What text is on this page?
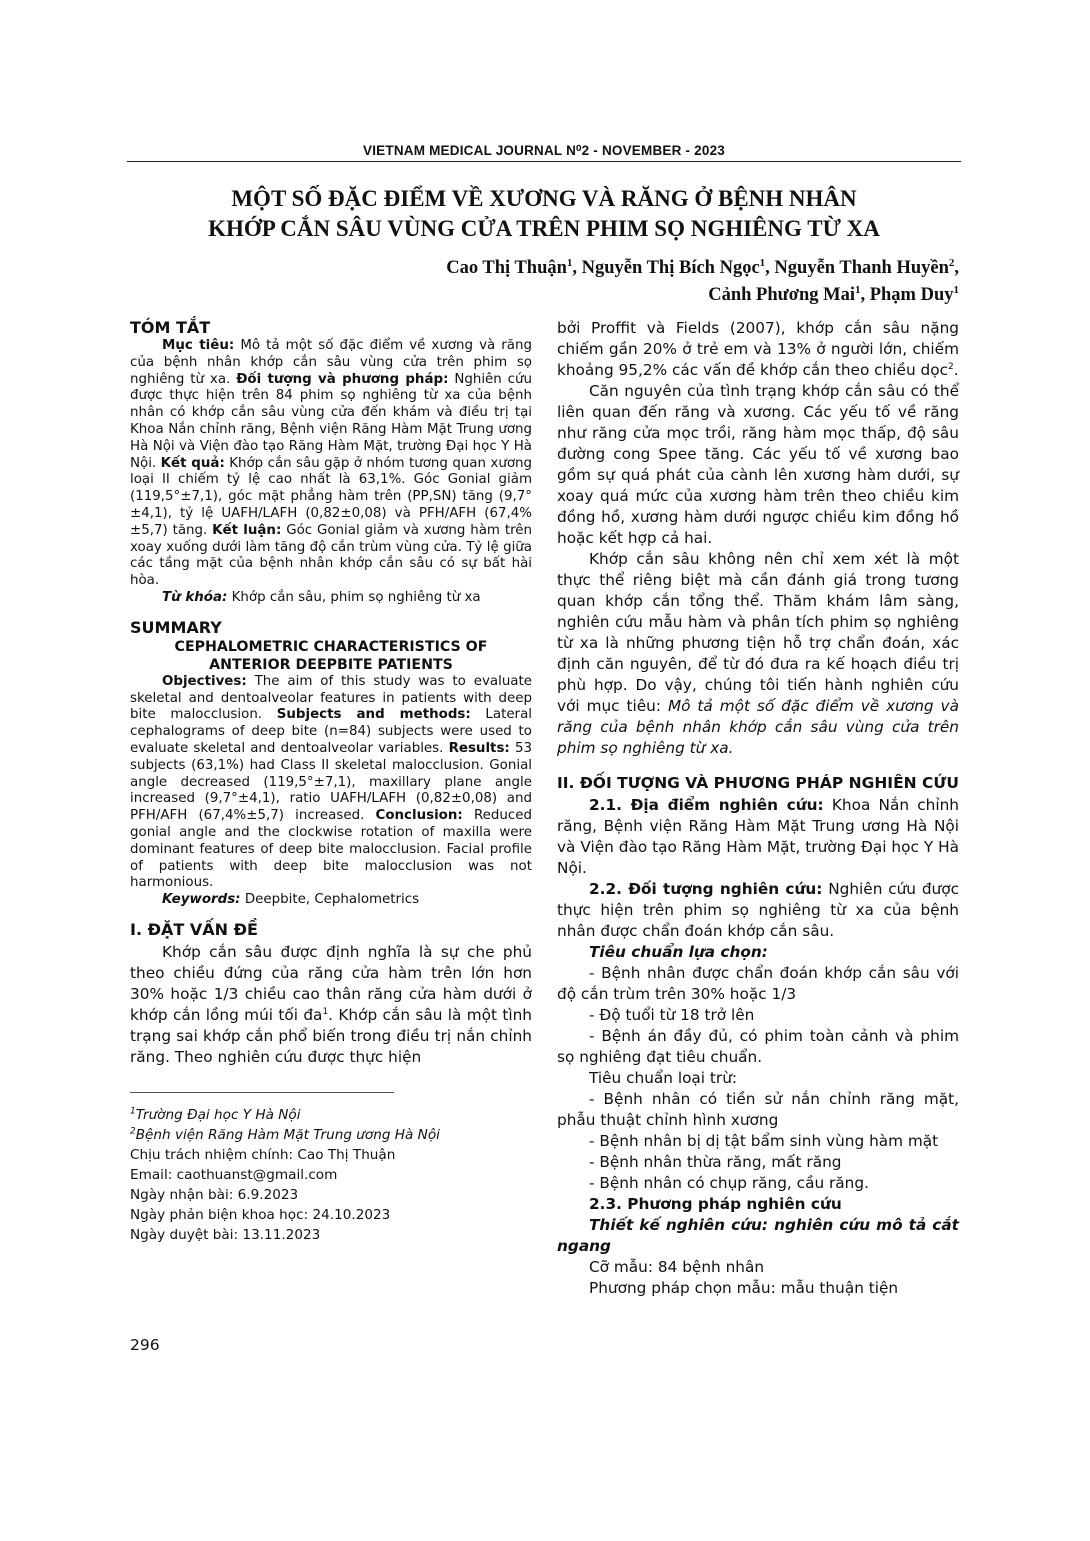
VIETNAM MEDICAL JOURNAL N⁰2 - NOVEMBER - 2023
MỘT SỐ ĐẶC ĐIỂM VỀ XƯƠNG VÀ RĂNG Ở BỆNH NHÂN
KHỚP CẮN SÂU VÙNG CỬA TRÊN PHIM SỌ NGHIÊNG TỪ XA
Cao Thị Thuận$^1$, Nguyễn Thị Bích Ngọc$^1$, Nguyễn Thanh Huyền$^2$,
Cảnh Phương Mai$^1$, Phạm Duy$^1$
TÓM TẮT

Mục tiêu: Mô tả một số đặc điểm về xương và răng của bệnh nhân khớp cắn sâu vùng cửa trên phim sọ nghiêng từ xa. Đối tượng và phương pháp: Nghiên cứu được thực hiện trên 84 phim sọ nghiêng từ xa của bệnh nhân có khớp cắn sâu vùng cửa đến khám và điều trị tại Khoa Nắn chỉnh răng, Bệnh viện Răng Hàm Mặt Trung ương Hà Nội và Viện đào tạo Răng Hàm Mặt, trường Đại học Y Hà Nội. Kết quả: Khớp cắn sâu gặp ở nhóm tương quan xương loại II chiếm tỷ lệ cao nhất là 63,1%. Góc Gonial giảm (119,5°±7,1), góc mặt phẳng hàm trên (PP,SN) tăng (9,7°±4,1), tỷ lệ UAFH/LAFH (0,82±0,08) và PFH/AFH (67,4%±5,7) tăng. Kết luận: Góc Gonial giảm và xương hàm trên xoay xuống dưới làm tăng độ cắn trùm vùng cửa. Tỷ lệ giữa các tầng mặt của bệnh nhân khớp cắn sâu có sự bất hài hòa.

Từ khóa: Khớp cắn sâu, phim sọ nghiêng từ xa

SUMMARY
CEPHALOMETRIC CHARACTERISTICS OF
ANTERIOR DEEPBITE PATIENTS

Objectives: The aim of this study was to evaluate skeletal and dentoalveolar features in patients with deep bite malocclusion. Subjects and methods: Lateral cephalograms of deep bite (n=84) subjects were used to evaluate skeletal and dentoalveolar variables. Results: 53 subjects (63,1%) had Class II skeletal malocclusion. Gonial angle decreased (119,5°±7,1), maxillary plane angle increased (9,7°±4,1), ratio UAFH/LAFH (0,82±0,08) and PFH/AFH (67,4%±5,7) increased. Conclusion: Reduced gonial angle and the clockwise rotation of maxilla were dominant features of deep bite malocclusion. Facial profile of patients with deep bite malocclusion was not harmonious.

Keywords: Deepbite, Cephalometrics

I. ĐẶT VẤN ĐỀ

Khớp cắn sâu được định nghĩa là sự che phủ theo chiều đứng của răng cửa hàm trên lớn hơn 30% hoặc 1/3 chiều cao thân răng cửa hàm dưới ở khớp cắn lồng múi tối $đa^1$. Khớp cắn sâu là một tình trạng sai khớp cắn phổ biến trong điều trị nắn chỉnh răng. Theo nghiên cứu được thực hiện

$^1$Trường Đại học Y Hà Nội

$^2$Bệnh viện Răng Hàm Mặt Trung ương Hà Nội

Chịu trách nhiệm chính: Cao Thị Thuận

Email: caothuanst@gmail.com

Ngày nhận bài: 6.9.2023

Ngày phản biện khoa học: 24.10.2023

Ngày duyệt bài: 13.11.2023

bởi Proffit và Fields (2007), khớp cắn sâu nặng chiếm gần 20% ở trẻ em và 13% ở người lớn, chiếm khoảng 95,2% các vấn đề khớp cắn theo chiều dọc$^2$.

Căn nguyên của tình trạng khớp cắn sâu có thể liên quan đến răng và xương. Các yếu tố về răng như răng cửa mọc trồi, răng hàm mọc thấp, độ sâu đường cong Spee tăng. Các yếu tố về xương bao gồm sự quá phát của cành lên xương hàm dưới, sự xoay quá mức của xương hàm trên theo chiều kim đồng hồ, xương hàm dưới ngược chiều kim đồng hồ hoặc kết hợp cả hai.

Khớp cắn sâu không nên chỉ xem xét là một thực thể riêng biệt mà cần đánh giá trong tương quan khớp cắn tổng thể. Thăm khám lâm sàng, nghiên cứu mẫu hàm và phân tích phim sọ nghiêng từ xa là những phương tiện hỗ trợ chẩn đoán, xác định căn nguyên, để từ đó đưa ra kế hoạch điều trị phù hợp. Do vậy, chúng tôi tiến hành nghiên cứu với mục tiêu: Mô tả một số đặc điểm về xương và răng của bệnh nhân khớp cắn sâu vùng cửa trên phim sọ nghiêng từ xa.

II. ĐỐI TƯỢNG VÀ PHƯƠNG PHÁP NGHIÊN CỨU

2.1. Địa điểm nghiên cứu: Khoa Nắn chỉnh răng, Bệnh viện Răng Hàm Mặt Trung ương Hà Nội và Viện đào tạo Răng Hàm Mặt, trường Đại học Y Hà Nội.

2.2. Đối tượng nghiên cứu: Nghiên cứu được thực hiện trên phim sọ nghiêng từ xa của bệnh nhân được chẩn đoán khớp cắn sâu.

Tiêu chuẩn lựa chọn:

- Bệnh nhân được chẩn đoán khớp cắn sâu với độ cắn trùm trên 30% hoặc 1/3

- Độ tuổi từ 18 trở lên

- Bệnh án đầy đủ, có phim toàn cảnh và phim sọ nghiêng đạt tiêu chuẩn.

Tiêu chuẩn loại trừ:

- Bệnh nhân có tiền sử nắn chỉnh răng mặt, phẫu thuật chỉnh hình xương

- Bệnh nhân bị dị tật bẩm sinh vùng hàm mặt

- Bệnh nhân thừa răng, mất răng

- Bệnh nhân có chụp răng, cầu răng.

2.3. Phương pháp nghiên cứu

Thiết kế nghiên cứu: nghiên cứu mô tả cắt ngang

Cỡ mẫu: 84 bệnh nhân

Phương pháp chọn mẫu: mẫu thuận tiện

296
